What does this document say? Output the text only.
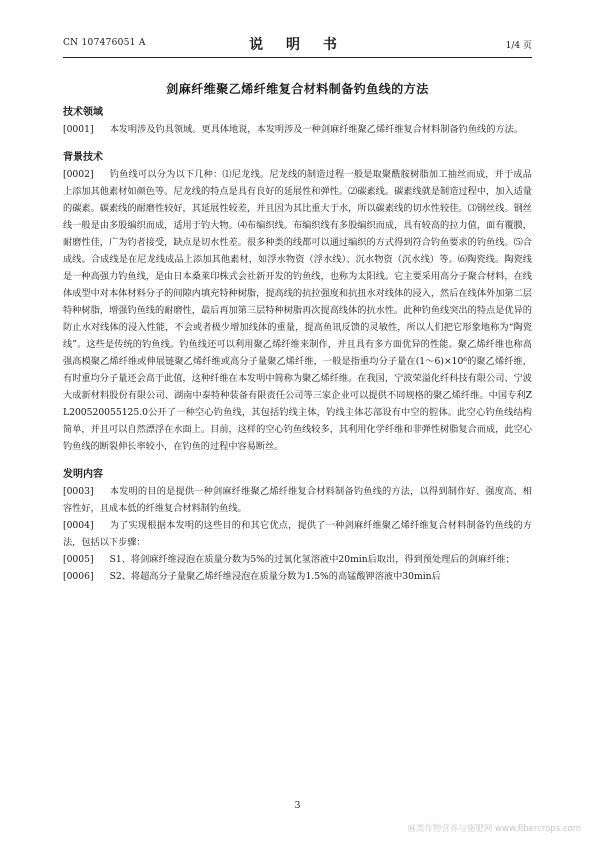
CN 107476051 A	说 明 书	1/4 页
剑麻纤维聚乙烯纤维复合材料制备钓鱼线的方法

技术领域

[0001] 本发明涉及钓具领域。更具体地说，本发明涉及一种剑麻纤维聚乙烯纤维复合材料制备钓鱼线的方法。

背景技术

[0002] 钓鱼线可以分为以下几种：⑴尼龙线。尼龙线的制造过程一般是取聚酰胺树脂加工抽丝而成，并于成品上添加其他素材如颜色等。尼龙线的特点是具有良好的延展性和弹性。⑵碳素线。碳素线就是制造过程中，加入适量的碳素。碳素线的耐磨性较好，其延展性较差，并且因为其比重大于水，所以碳素线的切水性较佳。⑶钢丝线。钢丝线一般是由多股编织而成，适用于钓大物。⑷布编织线。布编织线有多股编织而成，具有较高的拉力值，面有覆膜，耐磨性佳，广为钓者接受，缺点是切水性差。很多种类的线都可以通过编织的方式得到符合钓鱼要求的钓鱼线。⑸合成线。合成线是在尼龙线成品上添加其他素材，如浮水物资（浮水线）、沉水物资（沉水线）等。⑹陶瓷线。陶瓷线是一种高强力钓鱼线，是由日本桑莱印株式会社新开发的钓鱼线，也称为太阳线。它主要采用高分子聚合材料，在线体成型中对本体材料分子的间隙内填充特种树脂，提高线的抗拉强度和抗扭水对线体的浸入，然后在线体外加第二层特种树脂，增强钓鱼线的耐磨性，最后再加第三层特种树脂再次提高线体的抗水性。此种钓鱼线突出的特点是优异的防止水对线体的浸入性能，不会或者极少增加线体的重量，提高鱼讯反馈的灵敏性，所以人们把它形象地称为“陶瓷线”。这些是传统的钓鱼线。钓鱼线还可以利用聚乙烯纤维来制作，并且具有多方面优异的性能。聚乙烯纤维也称高强高模聚乙烯纤维或伸展链聚乙烯纤维或高分子量聚乙烯纤维，一般是指重均分子量在(1～6)×10⁶的聚乙烯纤维，有时重均分子量还会高于此值，这种纤维在本发明中简称为聚乙烯纤维。在我国，宁波荣溢化纤科技有限公司、宁波大成新材料股份有限公司、湖南中泰特种装备有限责任公司等三家企业可以提供不同规格的聚乙烯纤维。中国专利ZL200520055125.0公开了一种空心钓鱼线，其包括钓线主体，钓线主体芯部设有中空的腔体。此空心钓鱼线结构简单，并且可以自然漂浮在水面上。目前，这样的空心钓鱼线较多，其利用化学纤维和非弹性树脂复合而成，此空心钓鱼线的断裂伸长率较小，在钓鱼的过程中容易断丝。

发明内容

[0003] 本发明的目的是提供一种剑麻纤维聚乙烯纤维复合材料制备钓鱼线的方法，以得到制作好、强度高、相容性好，且成本低的纤维复合材料制钓鱼线。

[0004] 为了实现根据本发明的这些目的和其它优点，提供了一种剑麻纤维聚乙烯纤维复合材料制备钓鱼线的方法，包括以下步骤：

[0005] S1、将剑麻纤维浸泡在质量分数为5%的过氧化氢溶液中20min后取出，得到预处理后的剑麻纤维；

[0006] S2、将超高分子量聚乙烯纤维浸泡在质量分数为1.5%的高锰酸钾溶液中30min后

3
麻类作物营养与施肥网 www.fibercrops.com
